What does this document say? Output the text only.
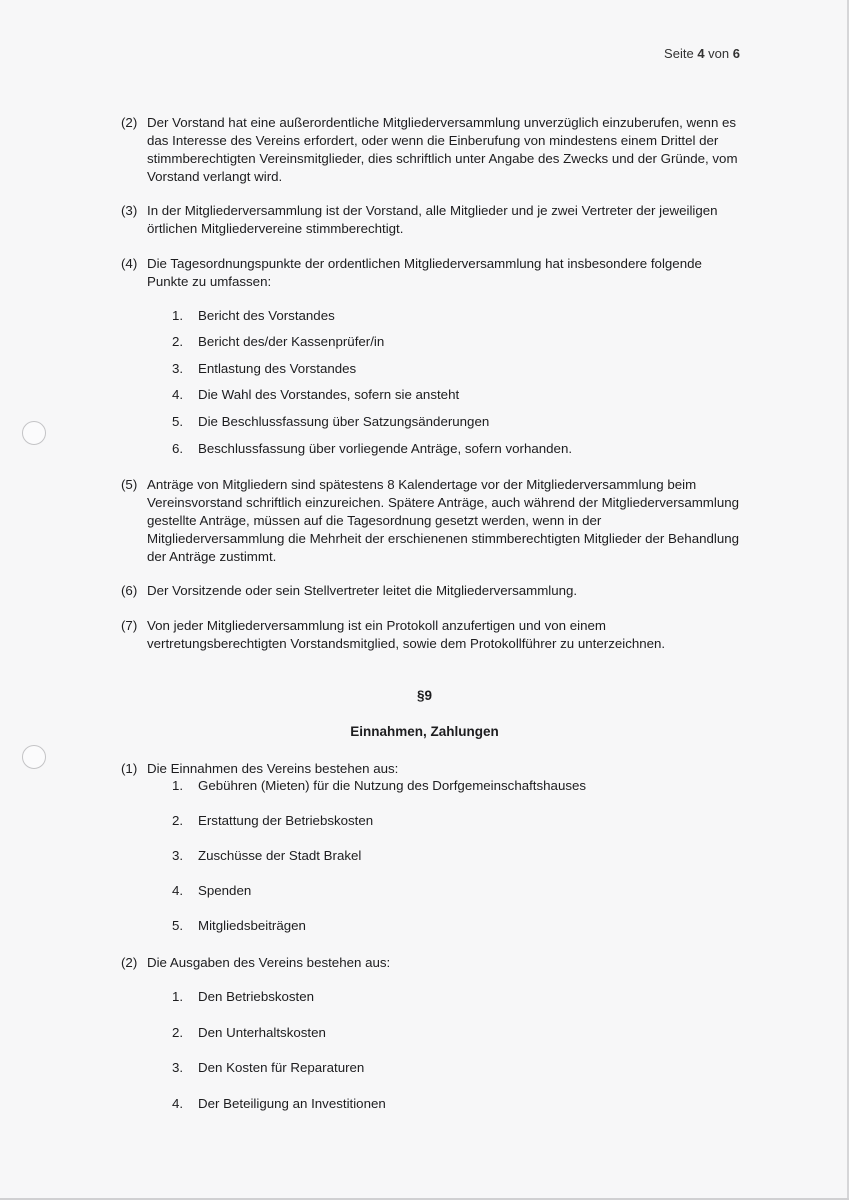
Seite 4 von 6
(2) Der Vorstand hat eine außerordentliche Mitgliederversammlung unverzüglich einzuberufen, wenn es das Interesse des Vereins erfordert, oder wenn die Einberufung von mindestens einem Drittel der stimmberechtigten Vereinsmitglieder, dies schriftlich unter Angabe des Zwecks und der Gründe, vom Vorstand verlangt wird.
(3) In der Mitgliederversammlung ist der Vorstand, alle Mitglieder und je zwei Vertreter der jeweiligen örtlichen Mitgliedervereine stimmberechtigt.
(4) Die Tagesordnungspunkte der ordentlichen Mitgliederversammlung hat insbesondere folgende Punkte zu umfassen:
1. Bericht des Vorstandes
2. Bericht des/der Kassenprüfer/in
3. Entlastung des Vorstandes
4. Die Wahl des Vorstandes, sofern sie ansteht
5. Die Beschlussfassung über Satzungsänderungen
6. Beschlussfassung über vorliegende Anträge, sofern vorhanden.
(5) Anträge von Mitgliedern sind spätestens 8 Kalendertage vor der Mitgliederversammlung beim Vereinsvorstand schriftlich einzureichen. Spätere Anträge, auch während der Mitgliederversammlung gestellte Anträge, müssen auf die Tagesordnung gesetzt werden, wenn in der Mitgliederversammlung die Mehrheit der erschienenen stimmberechtigten Mitglieder der Behandlung der Anträge zustimmt.
(6) Der Vorsitzende oder sein Stellvertreter leitet die Mitgliederversammlung.
(7) Von jeder Mitgliederversammlung ist ein Protokoll anzufertigen und von einem vertretungsberechtigten Vorstandsmitglied, sowie dem Protokollführer zu unterzeichnen.
§9
Einnahmen, Zahlungen
(1) Die Einnahmen des Vereins bestehen aus:
1. Gebühren (Mieten) für die Nutzung des Dorfgemeinschaftshauses
2. Erstattung der Betriebskosten
3. Zuschüsse der Stadt Brakel
4. Spenden
5. Mitgliedsbeiträgen
(2) Die Ausgaben des Vereins bestehen aus:
1. Den Betriebskosten
2. Den Unterhaltskosten
3. Den Kosten für Reparaturen
4. Der Beteiligung an Investitionen
